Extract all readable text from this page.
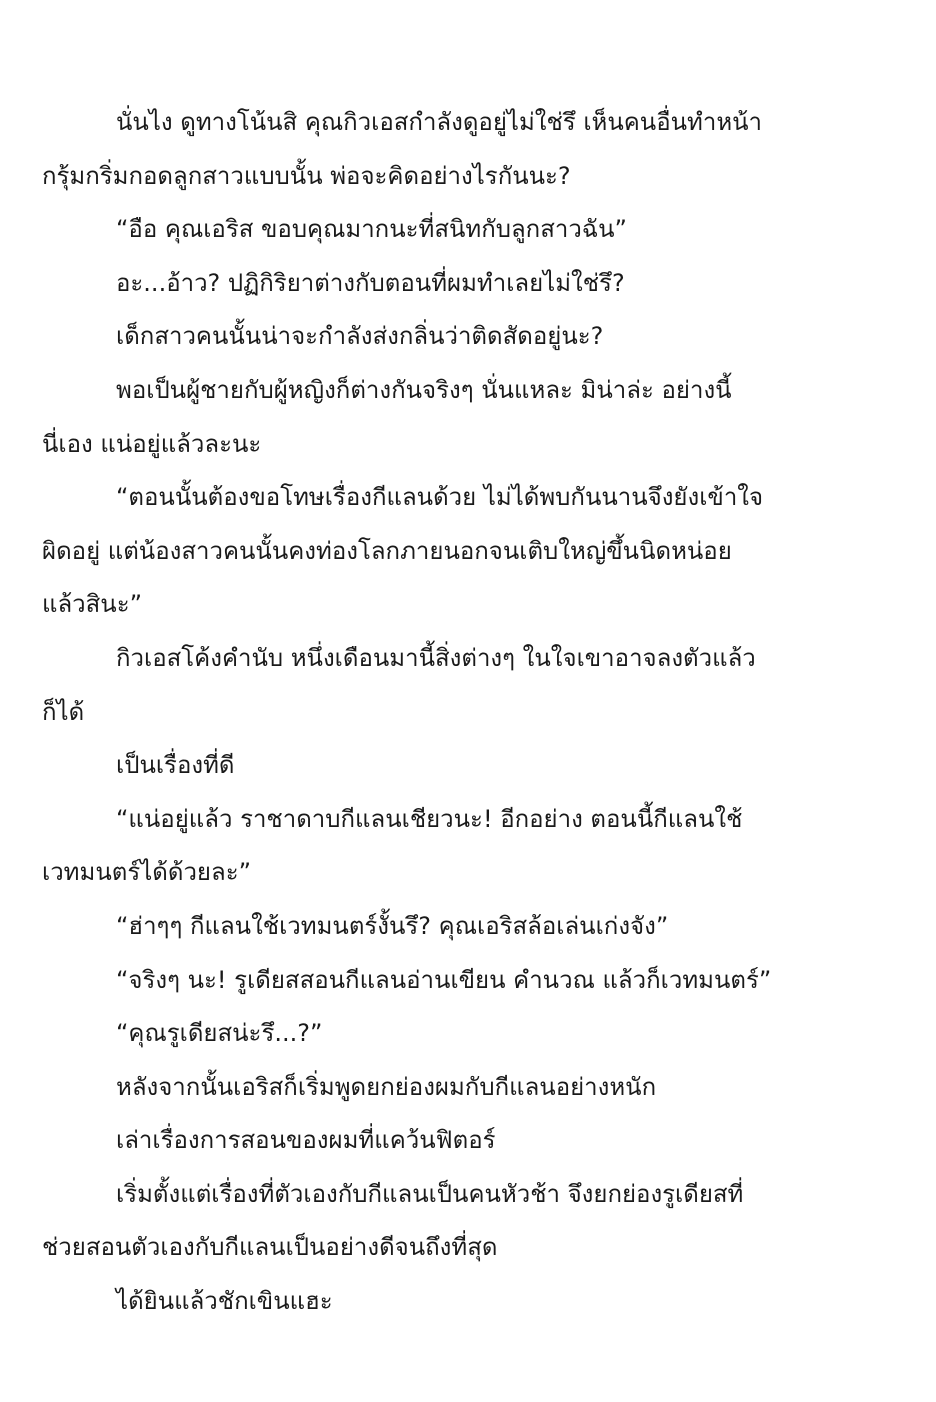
นั่นไง ดูทางโน้นสิ คุณกิวเอสกำลังดูอยู่ไม่ใช่รึ เห็นคนอื่นทำหน้า
กรุ้มกริ่มกอดลูกสาวแบบนั้น พ่อจะคิดอย่างไรกันนะ?
“อือ คุณเอริส ขอบคุณมากนะที่สนิทกับลูกสาวฉัน”
อะ...อ้าว? ปฏิกิริยาต่างกับตอนที่ผมทำเลยไม่ใช่รึ?
เด็กสาวคนนั้นน่าจะกำลังส่งกลิ่นว่าติดสัดอยู่นะ?
พอเป็นผู้ชายกับผู้หญิงก็ต่างกันจริงๆ นั่นแหละ มิน่าล่ะ อย่างนี้
นี่เอง แน่อยู่แล้วละนะ
“ตอนนั้นต้องขอโทษเรื่องกีแลนด้วย ไม่ได้พบกันนานจึงยังเข้าใจ
ผิดอยู่ แต่น้องสาวคนนั้นคงท่องโลกภายนอกจนเติบใหญ่ขึ้นนิดหน่อย
แล้วสินะ”
กิวเอสโค้งคำนับ หนึ่งเดือนมานี้สิ่งต่างๆ ในใจเขาอาจลงตัวแล้ว
ก็ได้
เป็นเรื่องที่ดี
“แน่อยู่แล้ว ราชาดาบกีแลนเชียวนะ! อีกอย่าง ตอนนี้กีแลนใช้
เวทมนตร์ได้ด้วยละ”
“ฮ่าๆๆ กีแลนใช้เวทมนตร์งั้นรึ? คุณเอริสล้อเล่นเก่งจัง”
“จริงๆ นะ! รูเดียสสอนกีแลนอ่านเขียน คำนวณ แล้วก็เวทมนตร์”
“คุณรูเดียสน่ะรึ...?”
หลังจากนั้นเอริสก็เริ่มพูดยกย่องผมกับกีแลนอย่างหนัก
เล่าเรื่องการสอนของผมที่แคว้นฟิตอร์
เริ่มตั้งแต่เรื่องที่ตัวเองกับกีแลนเป็นคนหัวช้า จึงยกย่องรูเดียสที่
ช่วยสอนตัวเองกับกีแลนเป็นอย่างดีจนถึงที่สุด
ได้ยินแล้วชักเขินแฮะ
